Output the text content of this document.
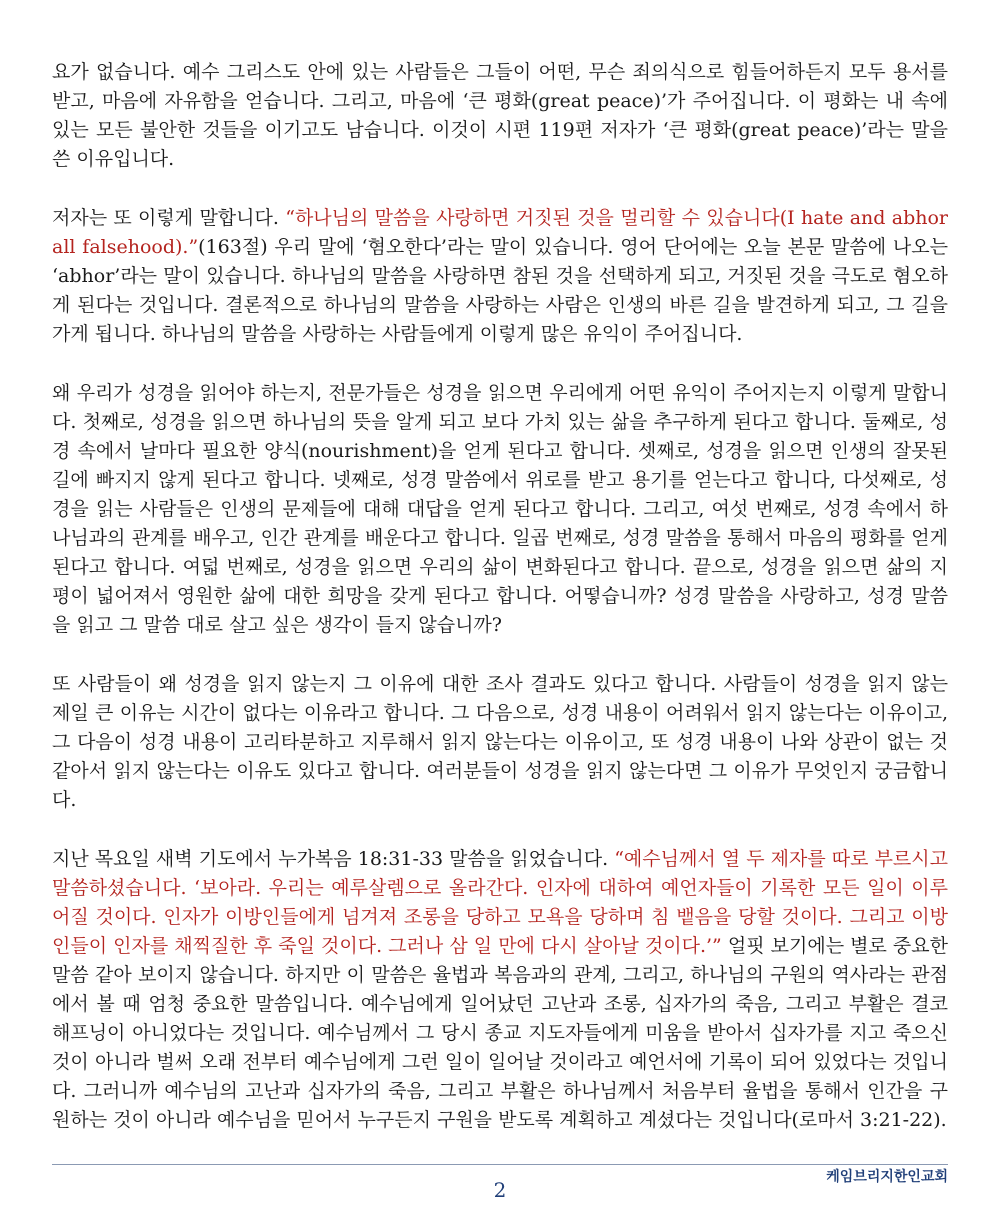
요가 없습니다. 예수 그리스도 안에 있는 사람들은 그들이 어떤, 무슨 죄의식으로 힘들어하든지 모두 용서를 받고, 마음에 자유함을 얻습니다. 그리고, 마음에 ‘큰 평화(great peace)’가 주어집니다. 이 평화는 내 속에 있는 모든 불안한 것들을 이기고도 남습니다. 이것이 시편 119편 저자가 ‘큰 평화(great peace)’라는 말을 쓴 이유입니다.

저자는 또 이렇게 말합니다. “하나님의 말씀을 사랑하면 거짓된 것을 멀리할 수 있습니다(I hate and abhor all falsehood).”(163절) 우리 말에 ‘혐오한다’라는 말이 있습니다. 영어 단어에는 오늘 본문 말씀에 나오는 ‘abhor’라는 말이 있습니다. 하나님의 말씀을 사랑하면 참된 것을 선택하게 되고, 거짓된 것을 극도로 혐오하게 된다는 것입니다. 결론적으로 하나님의 말씀을 사랑하는 사람은 인생의 바른 길을 발견하게 되고, 그 길을 가게 됩니다. 하나님의 말씀을 사랑하는 사람들에게 이렇게 많은 유익이 주어집니다.

왜 우리가 성경을 읽어야 하는지, 전문가들은 성경을 읽으면 우리에게 어떤 유익이 주어지는지 이렇게 말합니다. 첫째로, 성경을 읽으면 하나님의 뜻을 알게 되고 보다 가치 있는 삶을 추구하게 된다고 합니다. 둘째로, 성경 속에서 날마다 필요한 양식(nourishment)을 얻게 된다고 합니다. 셋째로, 성경을 읽으면 인생의 잘못된 길에 빠지지 않게 된다고 합니다. 넷째로, 성경 말씀에서 위로를 받고 용기를 얻는다고 합니다, 다섯째로, 성경을 읽는 사람들은 인생의 문제들에 대해 대답을 얻게 된다고 합니다. 그리고, 여섯 번째로, 성경 속에서 하나님과의 관계를 배우고, 인간 관계를 배운다고 합니다. 일곱 번째로, 성경 말씀을 통해서 마음의 평화를 얻게 된다고 합니다. 여덟 번째로, 성경을 읽으면 우리의 삶이 변화된다고 합니다. 끝으로, 성경을 읽으면 삶의 지평이 넓어져서 영원한 삶에 대한 희망을 갖게 된다고 합니다. 어떻습니까? 성경 말씀을 사랑하고, 성경 말씀을 읽고 그 말씀 대로 살고 싶은 생각이 들지 않습니까?

또 사람들이 왜 성경을 읽지 않는지 그 이유에 대한 조사 결과도 있다고 합니다. 사람들이 성경을 읽지 않는 제일 큰 이유는 시간이 없다는 이유라고 합니다. 그 다음으로, 성경 내용이 어려워서 읽지 않는다는 이유이고, 그 다음이 성경 내용이 고리타분하고 지루해서 읽지 않는다는 이유이고, 또 성경 내용이 나와 상관이 없는 것 같아서 읽지 않는다는 이유도 있다고 합니다. 여러분들이 성경을 읽지 않는다면 그 이유가 무엇인지 궁금합니다.

지난 목요일 새벽 기도에서 누가복음 18:31-33 말씀을 읽었습니다. “예수님께서 열 두 제자를 따로 부르시고 말씀하셨습니다. ‘보아라. 우리는 예루살렘으로 올라간다. 인자에 대하여 예언자들이 기록한 모든 일이 이루어질 것이다. 인자가 이방인들에게 넘겨져 조롱을 당하고 모욕을 당하며 침 뱉음을 당할 것이다. 그리고 이방인들이 인자를 채찍질한 후 죽일 것이다. 그러나 삼 일 만에 다시 살아날 것이다.’” 얼핏 보기에는 별로 중요한 말씀 같아 보이지 않습니다. 하지만 이 말씀은 율법과 복음과의 관계, 그리고, 하나님의 구원의 역사라는 관점에서 볼 때 엄청 중요한 말씀입니다. 예수님에게 일어났던 고난과 조롱, 십자가의 죽음, 그리고 부활은 결코 해프닝이 아니었다는 것입니다. 예수님께서 그 당시 종교 지도자들에게 미움을 받아서 십자가를 지고 죽으신 것이 아니라 벌써 오래 전부터 예수님에게 그런 일이 일어날 것이라고 예언서에 기록이 되어 있었다는 것입니다. 그러니까 예수님의 고난과 십자가의 죽음, 그리고 부활은 하나님께서 처음부터 율법을 통해서 인간을 구원하는 것이 아니라 예수님을 믿어서 누구든지 구원을 받도록 계획하고 계셨다는 것입니다(로마서 3:21-22).

케임브리지한인교회
2
